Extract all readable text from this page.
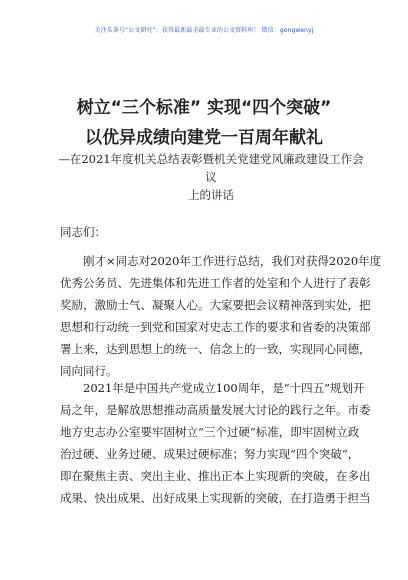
关注头条号“公文研究”，获得最新最全最专业的公文资料库！ 微信：gongwenyj
树立“三个标准” 实现“四个突破”
以优异成绩向建党一百周年献礼
—在2021年度机关总结表彰暨机关党建党风廉政建设工作会议
上的讲话
同志们：
刚才×同志对2020年工作进行总结，我们对获得2020年度
优秀公务员、先进集体和先进工作者的处室和个人进行了表彰
奖励，激励士气、凝聚人心。大家要把会议精神落到实处，把
思想和行动统一到党和国家对史志工作的要求和省委的决策部
署上来，达到思想上的统一、信念上的一致，实现同心同德，
同向同行。
2021年是中国共产党成立100周年，是“十四五”规划开
局之年，是解放思想推动高质量发展大讨论的践行之年。市委
地方史志办公室要牢固树立“三个过硬”标准，即牢固树立政
治过硬、业务过硬、成果过硬标准；努力实现“四个突破”，
即在聚焦主责、突出主业、推出正本上实现新的突破，在多出
成果、快出成果、出好成果上实现新的突破，在打造勇于担当
